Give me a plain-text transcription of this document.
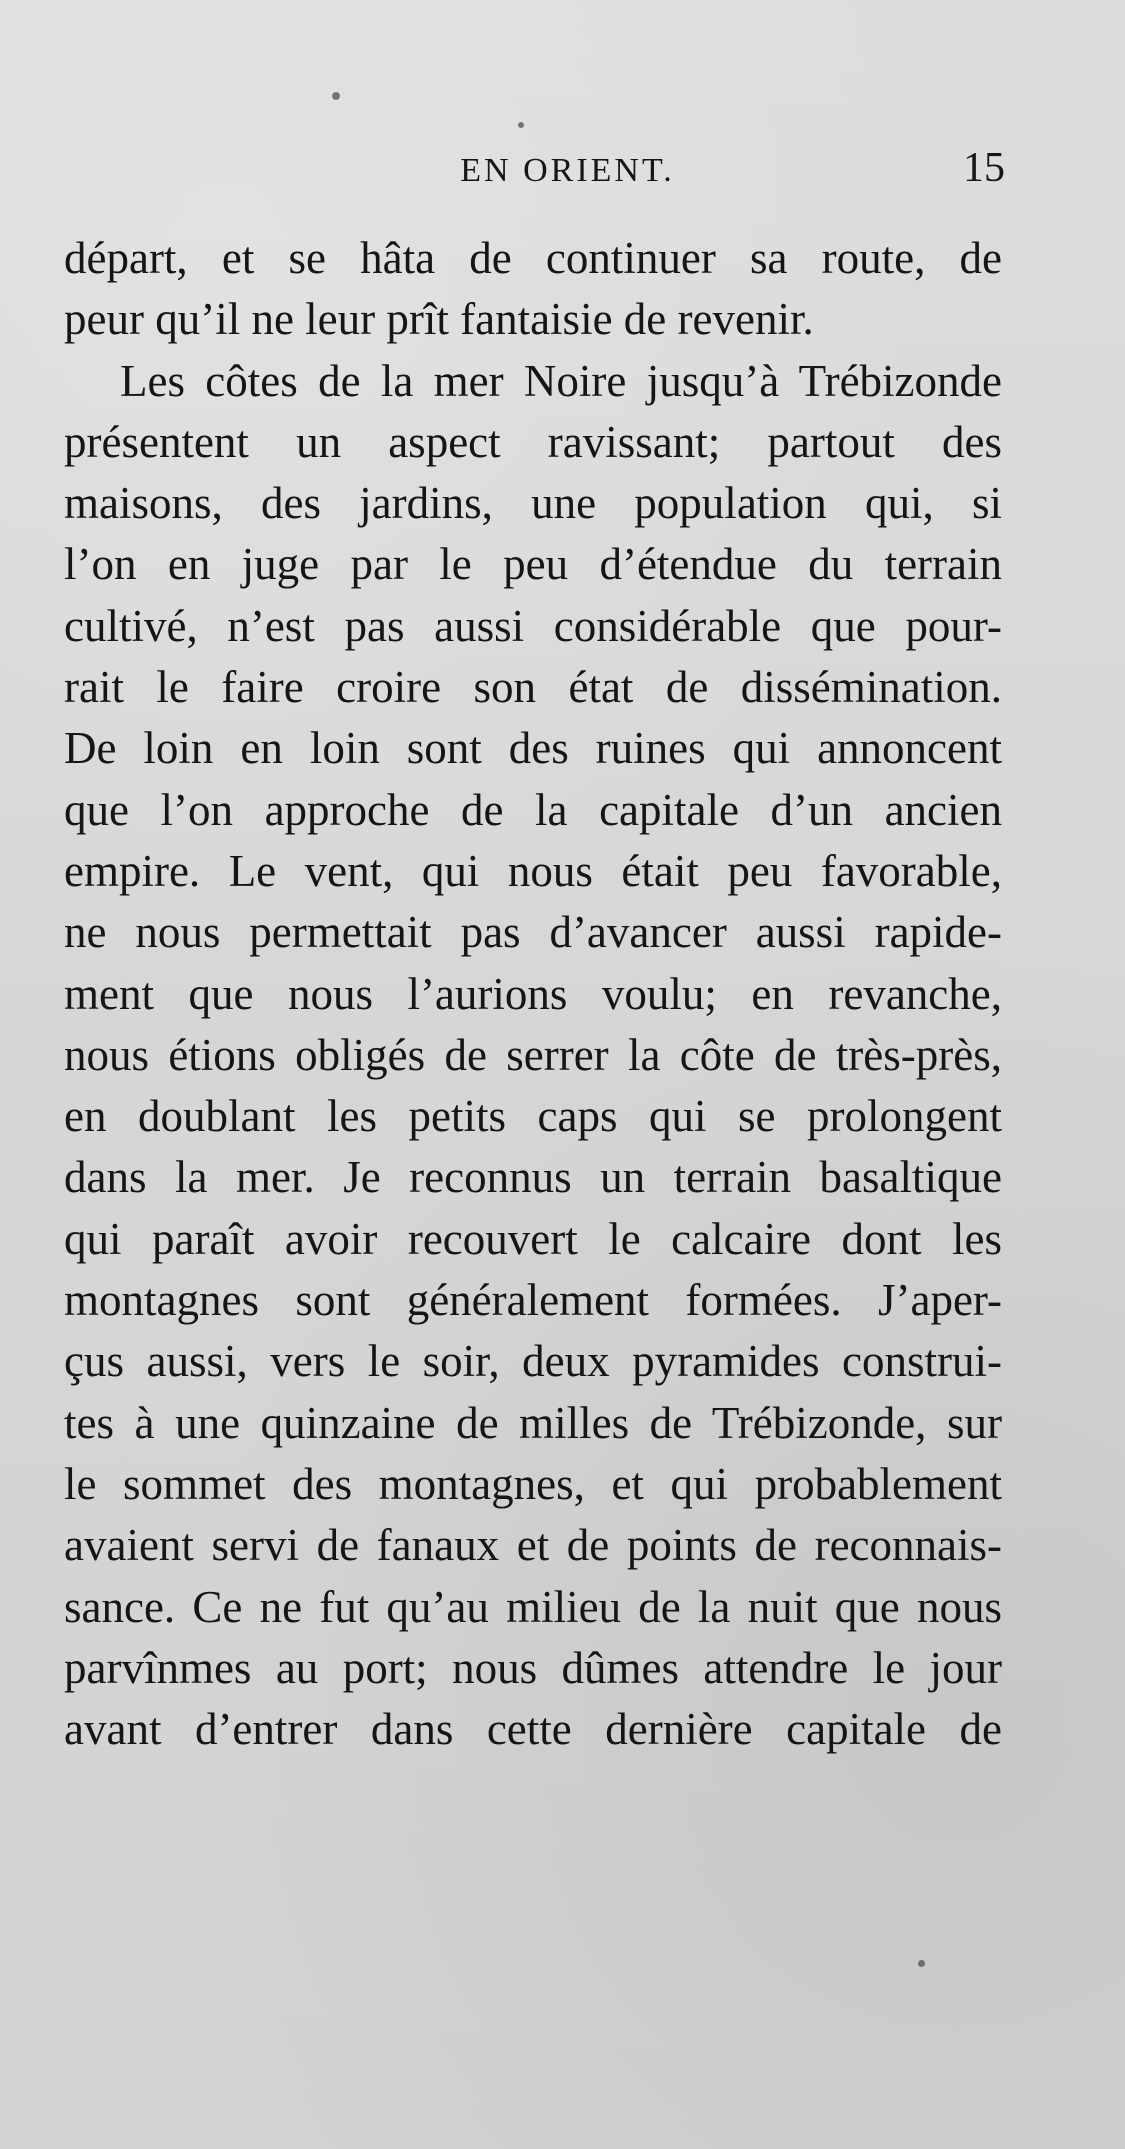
EN ORIENT.	15
départ, et se hâta de continuer sa route, de
peur qu’il ne leur prît fantaisie de revenir.
Les côtes de la mer Noire jusqu’à Trébizonde
présentent un aspect ravissant; partout des
maisons, des jardins, une population qui, si
l’on en juge par le peu d’étendue du terrain
cultivé, n’est pas aussi considérable que pour-
rait le faire croire son état de dissémination.
De loin en loin sont des ruines qui annoncent
que l’on approche de la capitale d’un ancien
empire. Le vent, qui nous était peu favorable,
ne nous permettait pas d’avancer aussi rapide-
ment que nous l’aurions voulu; en revanche,
nous étions obligés de serrer la côte de très-près,
en doublant les petits caps qui se prolongent
dans la mer. Je reconnus un terrain basaltique
qui paraît avoir recouvert le calcaire dont les
montagnes sont généralement formées. J’aper-
çus aussi, vers le soir, deux pyramides construi-
tes à une quinzaine de milles de Trébizonde, sur
le sommet des montagnes, et qui probablement
avaient servi de fanaux et de points de reconnais-
sance. Ce ne fut qu’au milieu de la nuit que nous
parvînmes au port; nous dûmes attendre le jour
avant d’entrer dans cette dernière capitale de
